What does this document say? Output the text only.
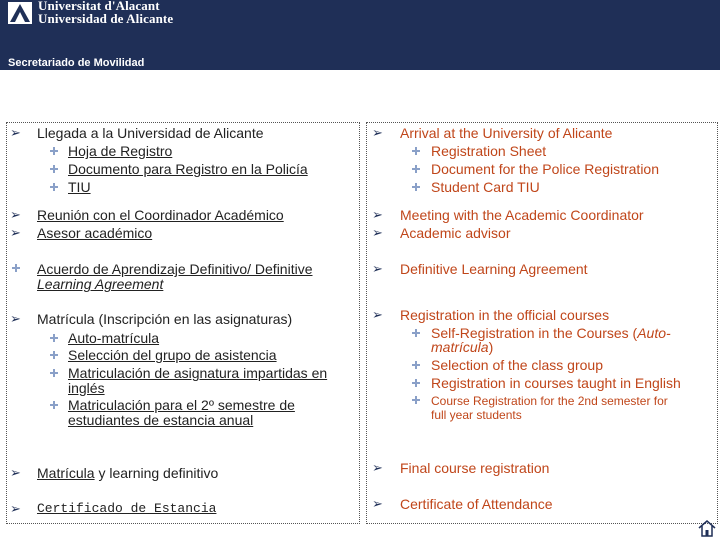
Universitat d'Alacant
Universidad de Alicante
Secretariado de Movilidad
➢ Llegada a la Universidad de Alicante
Hoja de Registro
Documento para Registro en la Policía
TIU
➢ Reunión con el Coordinador Académico
➢ Asesor académico
Acuerdo de Aprendizaje Definitivo/ Definitive
Learning Agreement
➢ Matrícula (Inscripción en las asignaturas)
Auto-matrícula
Selección del grupo de asistencia
Matriculación de asignatura impartidas en
inglés
Matriculación para el 2º semestre de
estudiantes de estancia anual
➢ Matrícula y learning definitivo
➢ Certificado de Estancia
➢ Arrival at the University of Alicante
Registration Sheet
Document for the Police Registration
Student Card TIU
➢ Meeting with the Academic Coordinator
➢ Academic advisor
➢ Definitive Learning Agreement
➢ Registration in the official courses
Self-Registration in the Courses (Auto-
matrícula)
Selection of the class group
Registration in courses taught in English
Course Registration for the 2nd semester for
full year students
➢ Final course registration
➢ Certificate of Attendance
